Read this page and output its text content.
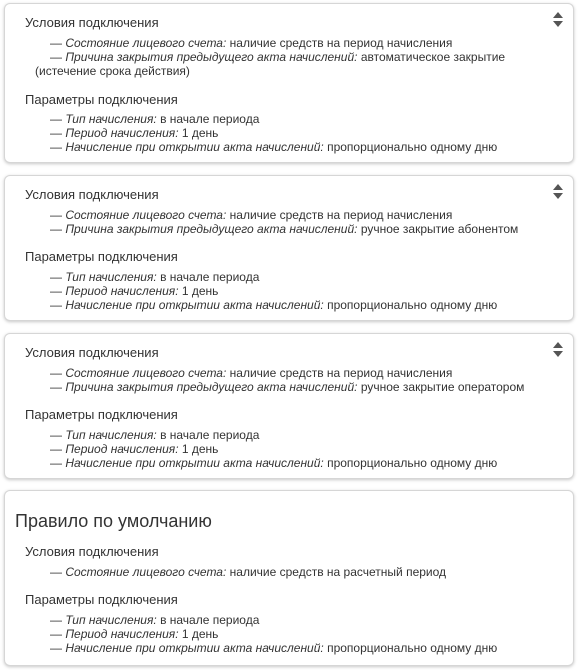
Условия подключения
— Состояние лицевого счета: наличие средств на период начисления
— Причина закрытия предыдущего акта начислений: автоматическое закрытие
(истечение срока действия)
Параметры подключения
— Тип начисления: в начале периода
— Период начисления: 1 день
— Начисление при открытии акта начислений: пропорционально одному дню
Условия подключения
— Состояние лицевого счета: наличие средств на период начисления
— Причина закрытия предыдущего акта начислений: ручное закрытие абонентом
Параметры подключения
— Тип начисления: в начале периода
— Период начисления: 1 день
— Начисление при открытии акта начислений: пропорционально одному дню
Условия подключения
— Состояние лицевого счета: наличие средств на период начисления
— Причина закрытия предыдущего акта начислений: ручное закрытие оператором
Параметры подключения
— Тип начисления: в начале периода
— Период начисления: 1 день
— Начисление при открытии акта начислений: пропорционально одному дню
Правило по умолчанию
Условия подключения
— Состояние лицевого счета: наличие средств на расчетный период
Параметры подключения
— Тип начисления: в начале периода
— Период начисления: 1 день
— Начисление при открытии акта начислений: пропорционально одному дню
